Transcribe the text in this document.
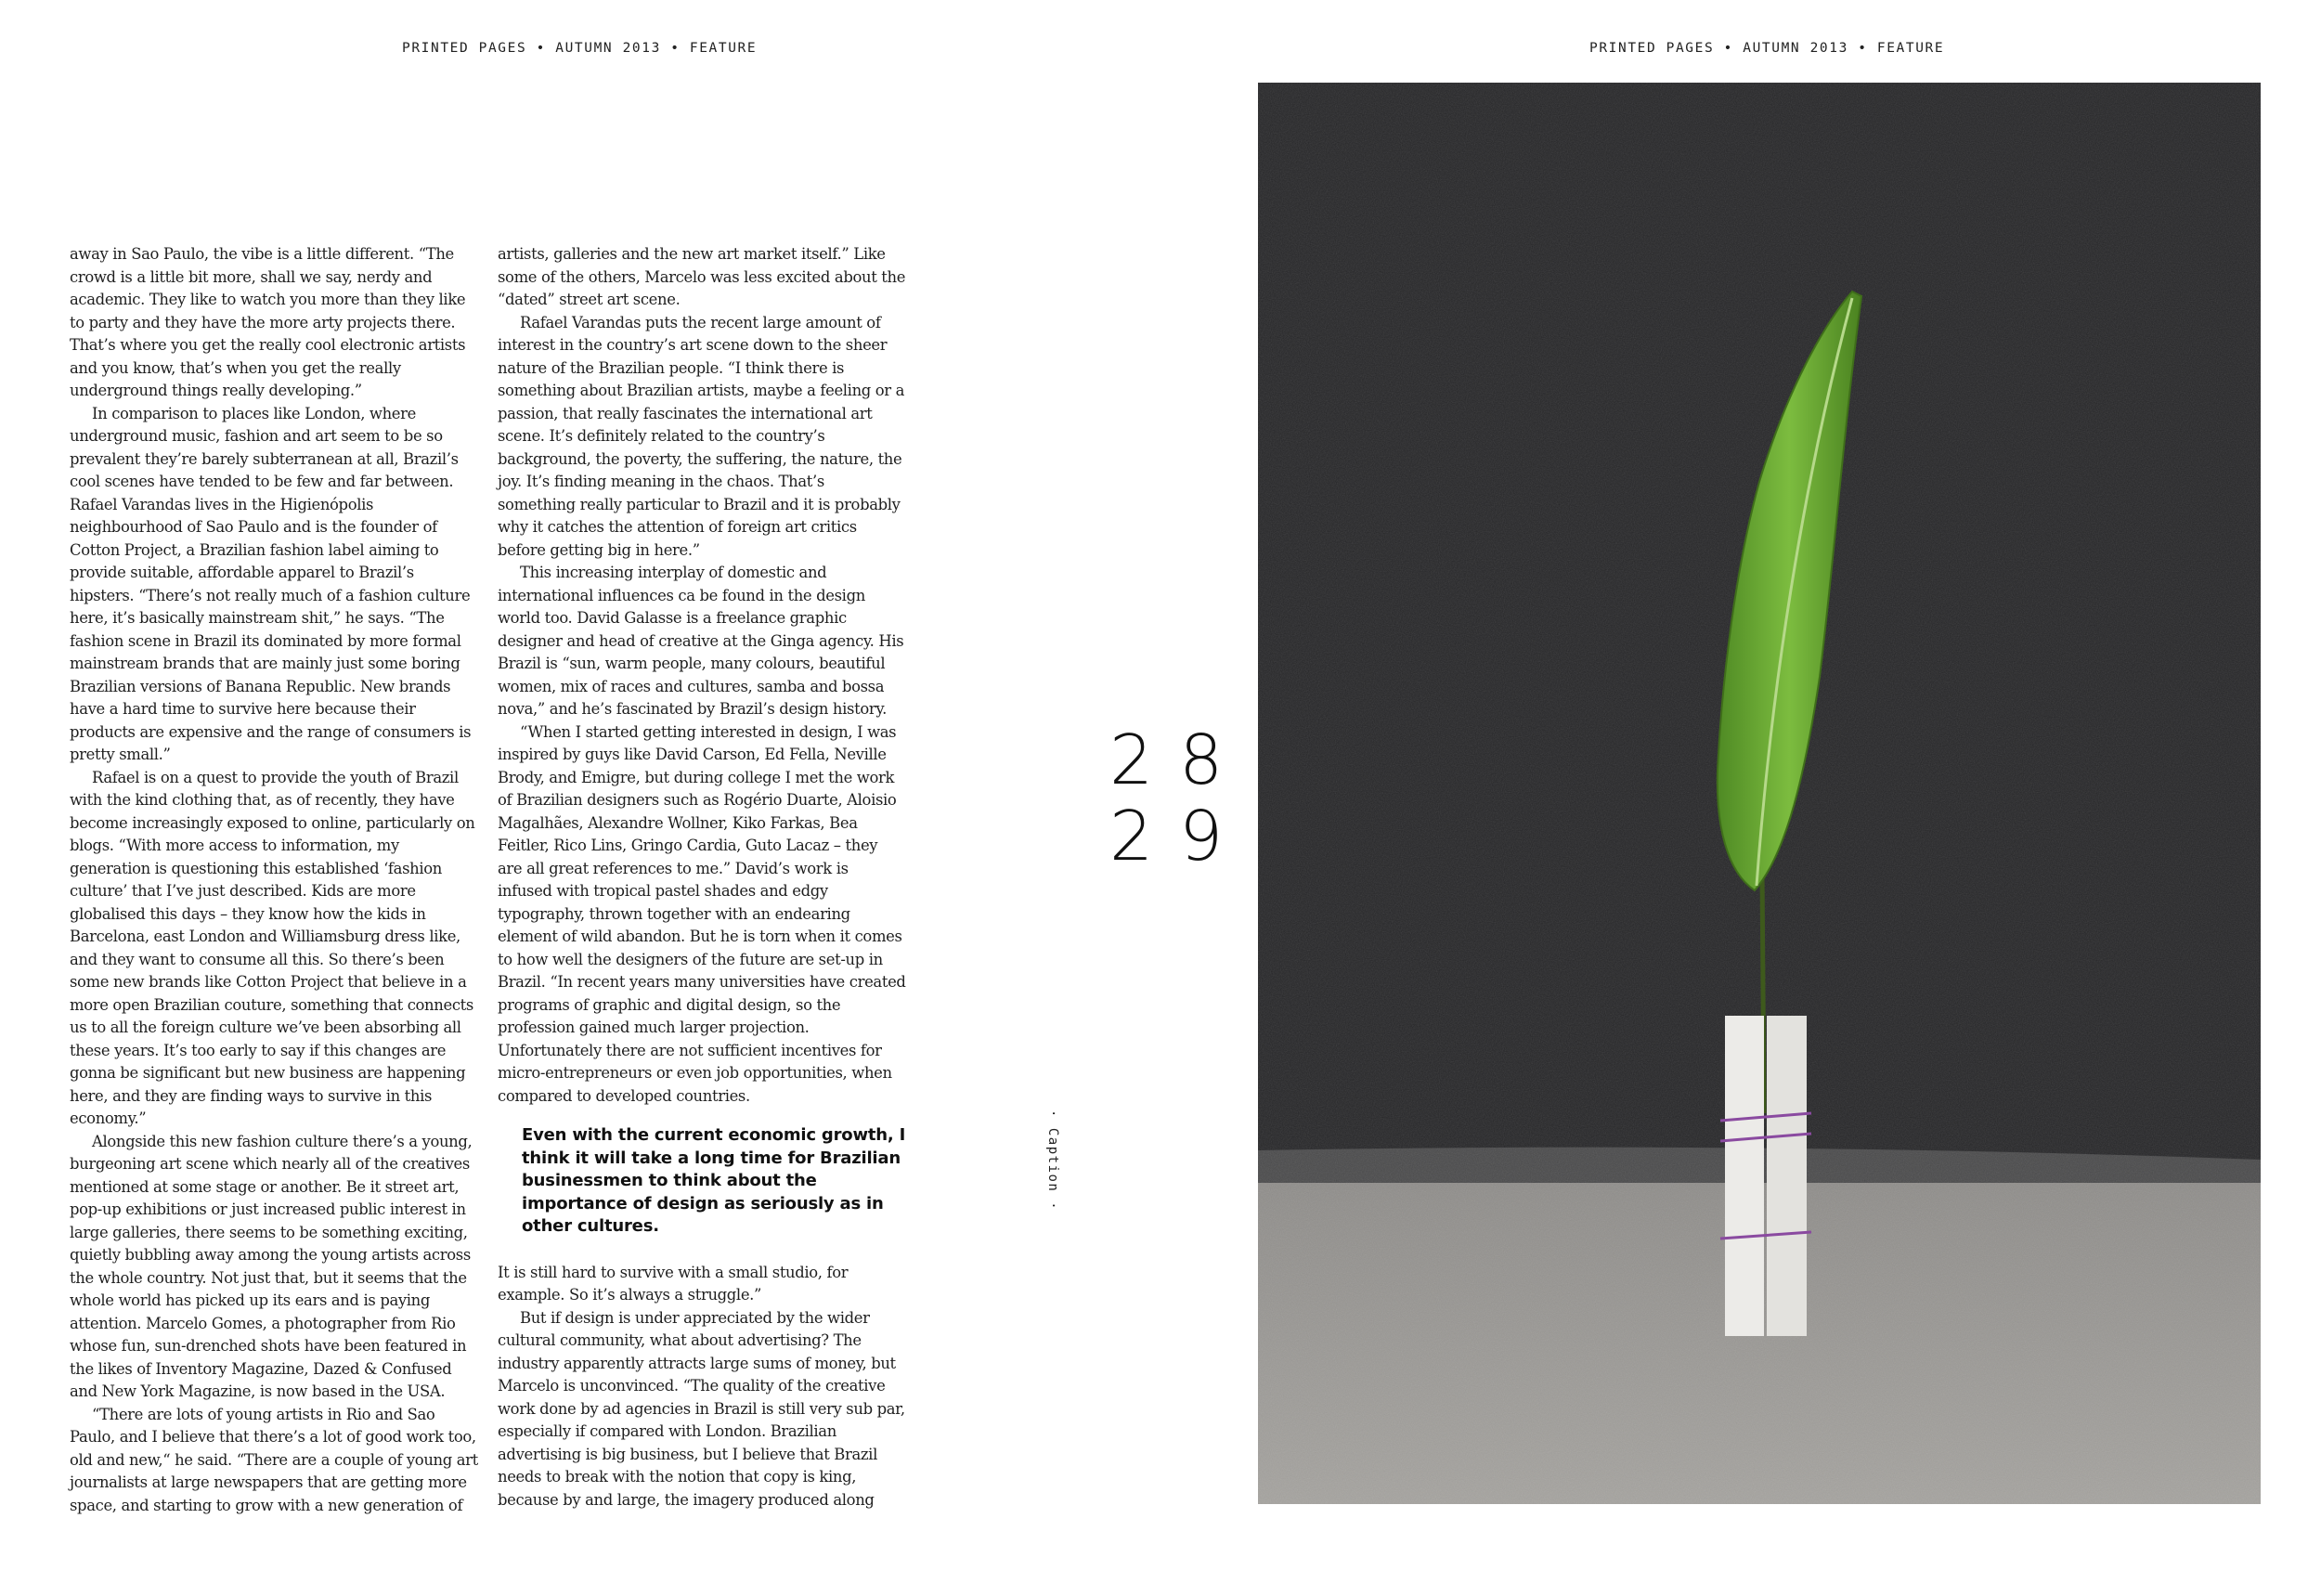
PRINTED PAGES • AUTUMN 2013 • FEATURE	PRINTED PAGES • AUTUMN 2013 • FEATURE

away in Sao Paulo, the vibe is a little different. “The crowd is a little bit more, shall we say, nerdy and academic. They like to watch you more than they like to party and they have the more arty projects there. That’s where you get the really cool electronic artists and you know, that’s when you get the really underground things really developing.”

In comparison to places like London, where underground music, fashion and art seem to be so prevalent they’re barely subterranean at all, Brazil’s cool scenes have tended to be few and far between. Rafael Varandas lives in the Higienópolis neighbourhood of Sao Paulo and is the founder of Cotton Project, a Brazilian fashion label aiming to provide suitable, affordable apparel to Brazil’s hipsters. “There’s not really much of a fashion culture here, it’s basically mainstream shit,” he says. “The fashion scene in Brazil its dominated by more formal mainstream brands that are mainly just some boring Brazilian versions of Banana Republic. New brands have a hard time to survive here because their products are expensive and the range of consumers is pretty small.”

Rafael is on a quest to provide the youth of Brazil with the kind clothing that, as of recently, they have become increasingly exposed to online, particularly on blogs. “With more access to information, my generation is questioning this established ‘fashion culture’ that I’ve just described. Kids are more globalised this days – they know how the kids in Barcelona, east London and Williamsburg dress like, and they want to consume all this. So there’s been some new brands like Cotton Project that believe in a more open Brazilian couture, something that connects us to all the foreign culture we’ve been absorbing all these years. It’s too early to say if this changes are gonna be significant but new business are happening here, and they are finding ways to survive in this economy.”

Alongside this new fashion culture there’s a young, burgeoning art scene which nearly all of the creatives mentioned at some stage or another. Be it street art, pop-up exhibitions or just increased public interest in large galleries, there seems to be something exciting, quietly bubbling away among the young artists across the whole country. Not just that, but it seems that the whole world has picked up its ears and is paying attention. Marcelo Gomes, a photographer from Rio whose fun, sun-drenched shots have been featured in the likes of Inventory Magazine, Dazed & Confused and New York Magazine, is now based in the USA.

“There are lots of young artists in Rio and Sao Paulo, and I believe that there’s a lot of good work too, old and new,“ he said. “There are a couple of young art journalists at large newspapers that are getting more space, and starting to grow with a new generation of

artists, galleries and the new art market itself.” Like some of the others, Marcelo was less excited about the “dated” street art scene.

Rafael Varandas puts the recent large amount of interest in the country’s art scene down to the sheer nature of the Brazilian people. “I think there is something about Brazilian artists, maybe a feeling or a passion, that really fascinates the international art scene. It’s definitely related to the country’s background, the poverty, the suffering, the nature, the joy. It’s finding meaning in the chaos. That’s something really particular to Brazil and it is probably why it catches the attention of foreign art critics before getting big in here.”

This increasing interplay of domestic and international influences ca be found in the design world too. David Galasse is a freelance graphic designer and head of creative at the Ginga agency. His Brazil is “sun, warm people, many colours, beautiful women, mix of races and cultures, samba and bossa nova,” and he’s fascinated by Brazil’s design history.

“When I started getting interested in design, I was inspired by guys like David Carson, Ed Fella, Neville Brody, and Emigre, but during college I met the work of Brazilian designers such as Rogério Duarte, Aloisio Magalhães, Alexandre Wollner, Kiko Farkas, Bea Feitler, Rico Lins, Gringo Cardia, Guto Lacaz – they are all great references to me.” David’s work is infused with tropical pastel shades and edgy typography, thrown together with an endearing element of wild abandon. But he is torn when it comes to how well the designers of the future are set-up in Brazil. “In recent years many universities have created programs of graphic and digital design, so the profession gained much larger projection. Unfortunately there are not sufficient incentives for micro-entrepreneurs or even job opportunities, when compared to developed countries.

Even with the current economic growth, I think it will take a long time for Brazilian businessmen to think about the importance of design as seriously as in other cultures.

It is still hard to survive with a small studio, for example. So it’s always a struggle.”

But if design is under appreciated by the wider cultural community, what about advertising? The industry apparently attracts large sums of money, but Marcelo is unconvinced. “The quality of the creative work done by ad agencies in Brazil is still very sub par, especially if compared with London. Brazilian advertising is big business, but I believe that Brazil needs to break with the notion that copy is king, because by and large, the imagery produced along

28
29
· Caption ·
